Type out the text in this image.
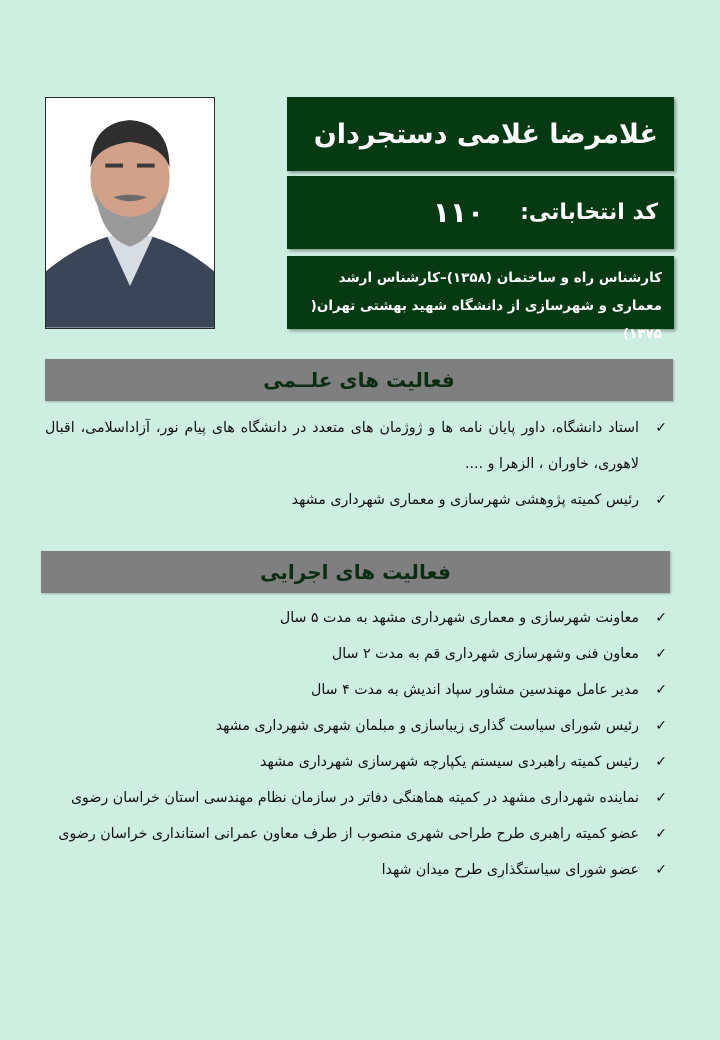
غلامرضا غلامی دستجردان
کد انتخاباتی:
۱۱۰
کارشناس راه و ساختمان (۱۳۵۸)–کارشناس ارشد معماری و شهرسازی از دانشگاه شهید بهشتی تهران( ۱۳۷۵)
فعالیت های علــمی
✓
استاد دانشگاه، داور پایان نامه ها و ژوژمان های متعدد در دانشگاه های پیام نور، آزاداسلامی، اقبال لاهوری، خاوران ، الزهرا و ....
✓
رئیس کمیته پژوهشی شهرسازی و معماری شهرداری مشهد
فعالیت های اجرایی
✓
معاونت شهرسازی و معماری شهرداری مشهد به مدت ۵ سال
✓
معاون فنی وشهرسازی شهرداری قم به مدت ۲ سال
✓
مدیر عامل مهندسین مشاور سپاد اندیش به مدت ۴ سال
✓
رئیس شورای سیاست گذاری زیباسازی و مبلمان شهری شهرداری مشهد
✓
رئیس کمیته راهبردی سیستم یکپارچه شهرسازی شهرداری مشهد
✓
نماینده شهرداری مشهد در کمیته هماهنگی دفاتر در سازمان نظام مهندسی استان خراسان رضوی
✓
عضو کمیته راهبری طرح طراحی شهری منصوب از طرف معاون عمرانی استانداری خراسان رضوی
✓
عضو شورای سیاستگذاری طرح میدان شهدا
